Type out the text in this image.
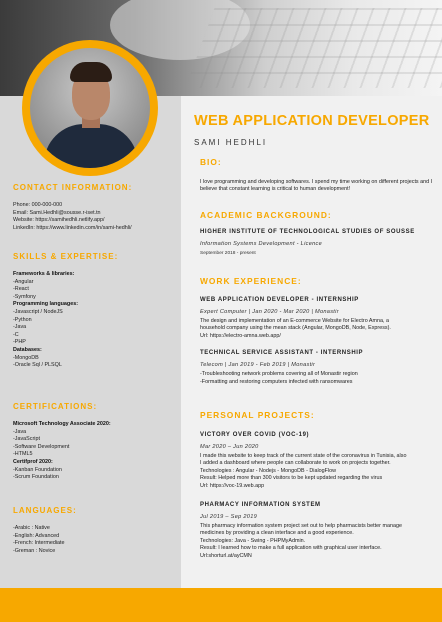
WEB APPLICATION DEVELOPER
SAMI HEDHLI
CONTACT INFORMATION:
Phone: 000-000-000
Email: Sami.Hedhli@sousse.r-iset.tn
Website: https://samihedhli.netlify.app/
LinkedIn: https://www.linkedin.com/in/sami-hedhli/
SKILLS & EXPERTISE:
Frameworks & libraries:
-Angular
-React
-Symfony
Programming languages:
-Javascript / NodeJS
-Python
-Java
-C
-PHP
Databases:
-MongoDB
-Oracle Sql / PLSQL
CERTIFICATIONS:
Microsoft Technology Associate 2020:
-Java
-JavaScript
-Software Development
-HTML5
Certifprof 2020:
-Kanban Foundation
-Scrum Foundation
LANGUAGES:
-Arabic : Native
-English: Advanced
-French: Intermediate
-Greman : Novice
BIO:
I love programming and developing softwares. I spend my time working on different projects and I believe that constant learning is critical to human development!
ACADEMIC BACKGROUND:
HIGHER INSTITUTE OF TECHNOLOGICAL STUDIES OF SOUSSE
Information Systems Development - Licence
September 2018 - present
WORK EXPERIENCE:
WEB APPLICATION DEVELOPER - INTERNSHIP
Expert Computer | Jan 2020 - Mar 2020 | Monastir
The design and implementation of an E-commerce Website for Electro Amna, a
household company using the mean stack (Angular, MongoDB, Node, Express).
Url: https://electro-amna.web.app/
TECHNICAL SERVICE ASSISTANT - INTERNSHIP
Telecom | Jan 2019 - Feb 2019 | Monastir
-Troubleshooting network problems covering all of Monastir region
-Formatting and restoring computers infected with ransomwares
PERSONAL PROJECTS:
VICTORY OVER COVID (VOC-19)
Mar 2020 – Jun 2020
I made this website to keep track of the current state of the coronavirus in Tunisia, also
I added a dashboard where people can collaborate to work on projects together.
Technologies : Angular - Nodejs - MongoDB - DialogFlow
Result: Helped more than 300 visitors to be kept updated regarding the virus
Url: https://voc-19.web.app
PHARMACY INFORMATION SYSTEM
Jul 2019 – Sep 2019
This pharmacy information system project set out to help pharmacists better manage
medicines by providing a clean interface and a good experience.
Technologies: Java - Swing - PHPMyAdmin.
Result: I learned how to make a full application with graphical user interface.
Url:shorturl.at/ayCMN
